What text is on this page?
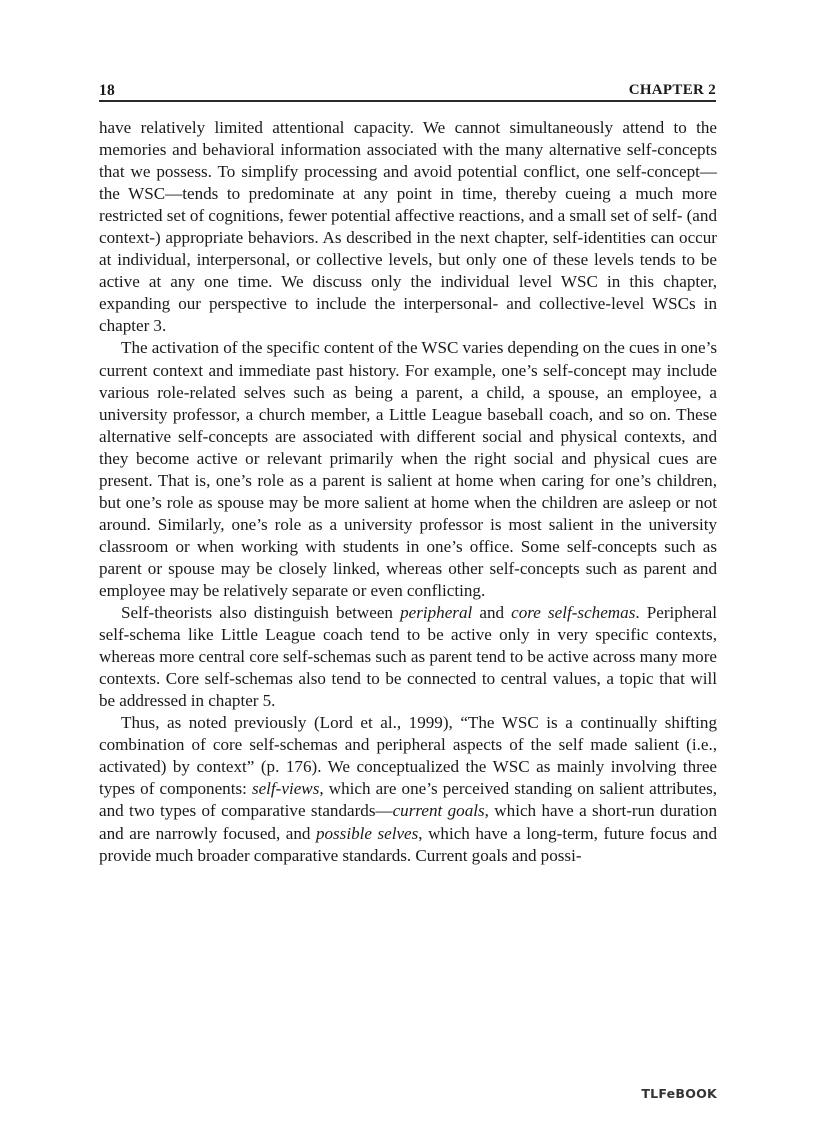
18	CHAPTER 2

have relatively limited attentional capacity. We cannot simultaneously attend to the memories and behavioral information associated with the many alternative self-concepts that we possess. To simplify processing and avoid potential conflict, one self-concept—the WSC—tends to predominate at any point in time, thereby cueing a much more restricted set of cognitions, fewer potential affective reactions, and a small set of self- (and context-) appropriate behaviors. As described in the next chapter, self-identities can occur at individual, interpersonal, or collective levels, but only one of these levels tends to be active at any one time. We discuss only the individual level WSC in this chapter, expanding our perspective to include the interpersonal- and collective-level WSCs in chapter 3.

The activation of the specific content of the WSC varies depending on the cues in one’s current context and immediate past history. For example, one’s self-concept may include various role-related selves such as being a parent, a child, a spouse, an employee, a university professor, a church member, a Little League baseball coach, and so on. These alternative self-concepts are associated with different social and physical contexts, and they become active or relevant primarily when the right social and physical cues are present. That is, one’s role as a parent is salient at home when caring for one’s children, but one’s role as spouse may be more salient at home when the children are asleep or not around. Similarly, one’s role as a university professor is most salient in the university classroom or when working with students in one’s office. Some self-concepts such as parent or spouse may be closely linked, whereas other self-concepts such as parent and employee may be relatively separate or even conflicting.

Self-theorists also distinguish between peripheral and core self-schemas. Peripheral self-schema like Little League coach tend to be active only in very specific contexts, whereas more central core self-schemas such as parent tend to be active across many more contexts. Core self-schemas also tend to be connected to central values, a topic that will be addressed in chapter 5.

Thus, as noted previously (Lord et al., 1999), “The WSC is a continually shifting combination of core self-schemas and peripheral aspects of the self made salient (i.e., activated) by context” (p. 176). We conceptualized the WSC as mainly involving three types of components: self-views, which are one’s perceived standing on salient attributes, and two types of comparative standards—current goals, which have a short-run duration and are narrowly focused, and possible selves, which have a long-term, future focus and provide much broader comparative standards. Current goals and possi-

TLFeBOOK
